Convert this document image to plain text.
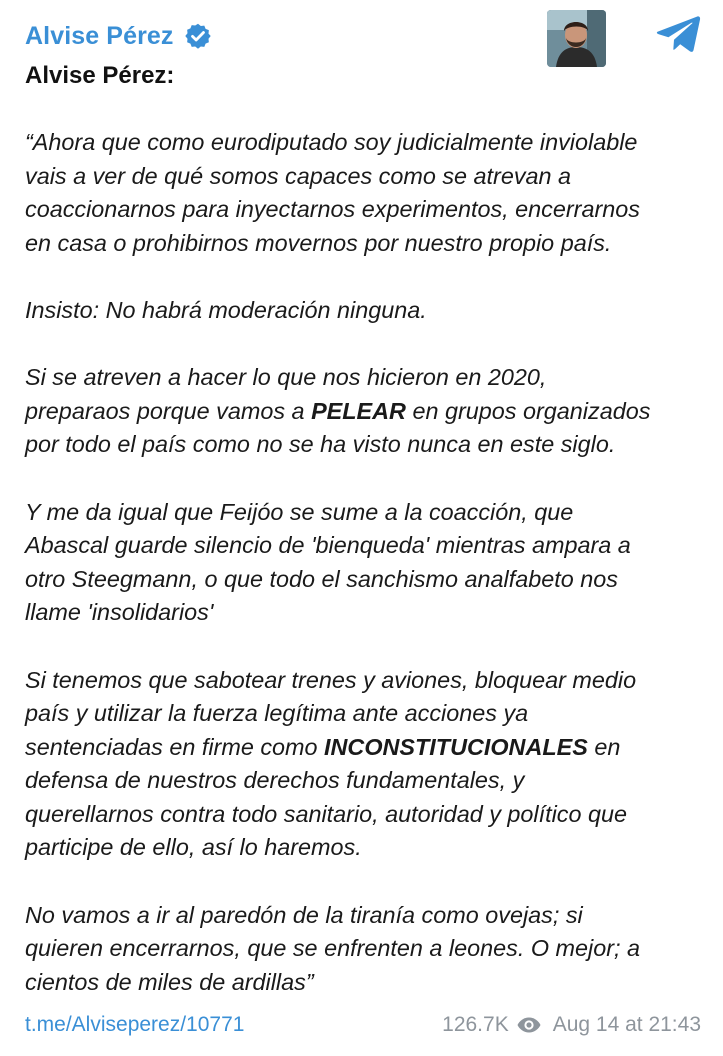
Alvise Pérez
Alvise Pérez:

“Ahora que como eurodiputado soy judicialmente inviolable
vais a ver de qué somos capaces como se atrevan a
coaccionarnos para inyectarnos experimentos, encerrarnos
en casa o prohibirnos movernos por nuestro propio país.

Insisto: No habrá moderación ninguna.

Si se atreven a hacer lo que nos hicieron en 2020,
preparaos porque vamos a PELEAR en grupos organizados
por todo el país como no se ha visto nunca en este siglo.

Y me da igual que Feijóo se sume a la coacción, que
Abascal guarde silencio de 'bienqueda' mientras ampara a
otro Steegmann, o que todo el sanchismo analfabeto nos
llame 'insolidarios'

Si tenemos que sabotear trenes y aviones, bloquear medio
país y utilizar la fuerza legítima ante acciones ya
sentenciadas en firme como INCONSTITUCIONALES en
defensa de nuestros derechos fundamentales, y
querellarnos contra todo sanitario, autoridad y político que
participe de ello, así lo haremos.

No vamos a ir al paredón de la tiranía como ovejas; si
quieren encerrarnos, que se enfrenten a leones. O mejor; a
cientos de miles de ardillas”

t.me/Alviseperez/10771	126.7K Aug 14 at 21:43
